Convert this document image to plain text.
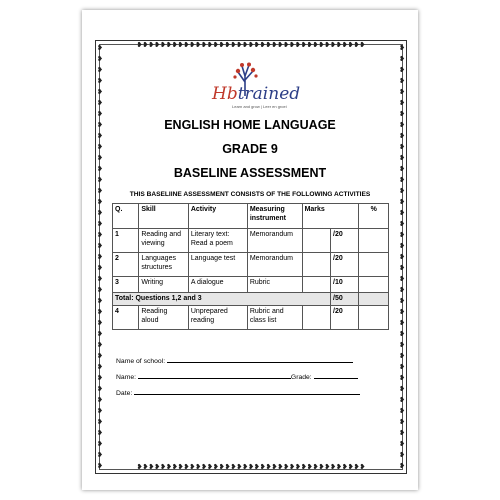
❥❥❥❥❥❥❥❥❥❥❥❥❥❥❥❥❥❥❥❥❥❥❥❥❥❥❥❥❥❥❥❥❥❥❥❥❥❥❥
❥❥❥❥❥❥❥❥❥❥❥❥❥❥❥❥❥❥❥❥❥❥❥❥❥❥❥❥❥❥❥❥❥❥❥❥❥❥❥
❥
❥
❥
❥
❥
❥
❥
❥
❥
❥
❥
❥
❥
❥
❥
❥
❥
❥
❥
❥
❥
❥
❥
❥
❥
❥
❥
❥
❥
❥
❥
❥
❥
❥
❥
❥
❥
❥
❥
❥
❥
❥
❥
❥
❥
❥
❥
❥
❥
❥
❥
❥
❥
❥
❥
❥
❥
❥
❥
❥
❥
❥
❥
❥
❥
❥
❥
❥
❥
❥
❥
❥
❥
❥
❥
❥
❥
❥
Hbtrained
Learn and grow | Leer en groei
ENGLISH HOME LANGUAGE
GRADE 9
BASELINE ASSESSMENT
THIS BASELIINE ASSESSMENT CONSISTS OF THE FOLLOWING ACTIVITIES
Q.	Skill	Activity	Measuring instrument	Marks		%
1	Reading and viewing	Literary text: Read a poem	Memorandum		/20	
2	Languages structures	Language test	Memorandum		/20	
3	Writing	A dialogue	Rubric		/10	
Total: Questions 1,2 and 3					/50	
4	Reading aloud	Unprepared reading	Rubric and class list		/20	
Name of school:
Name:	Grade:
Date:
